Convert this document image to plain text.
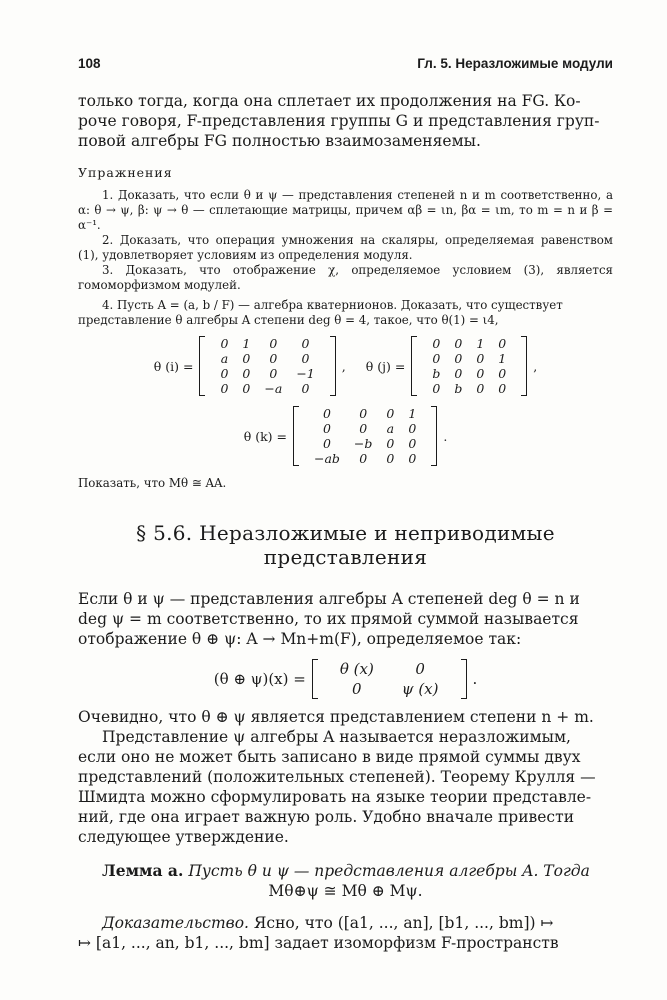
108	Гл. 5. Неразложимые модули

только тогда, когда она сплетает их продолжения на FG. Ко-

роче говоря, F-представления группы G и представления груп-

повой алгебры FG полностью взаимозаменяемы.

Упражнения

1. Доказать, что если θ и ψ — представления степеней n и m соответственно, а α: θ → ψ, β: ψ → θ — сплетающие матрицы, причем αβ = ιn, βα = ιm, то m = n и β = α⁻¹.

2. Доказать, что операция умножения на скаляры, определяемая равенством (1), удовлетворяет условиям из определения модуля.

3. Доказать, что отображение χ, определяемое условием (3), является гомоморфизмом модулей.

4. Пусть A = (a, b / F) — алгебра кватернионов. Доказать, что существует

представление θ алгебры A степени deg θ = 4, такое, что θ(1) = ι4,

θ (i) =
0	1	0	0
a	0	0	0
0	0	0	−1
0	0	−a	0
, θ (j) =
0	0	1	0
0	0	0	1
b	0	0	0
0	b	0	0
,
θ (k) =
0	0	0	1
0	0	a	0
0	−b	0	0
−ab	0	0	0
.

Показать, что Mθ ≅ AA.

§ 5.6. Неразложимые и неприводимые представления

Если θ и ψ — представления алгебры A степеней deg θ = n и

deg ψ = m соответственно, то их прямой суммой называется

отображение θ ⊕ ψ: A → Mn+m(F), определяемое так:

(θ ⊕ ψ)(x) =
θ (x)	0
0	ψ (x)
.

Очевидно, что θ ⊕ ψ является представлением степени n + m.

Представление ψ алгебры A называется неразложимым,

если оно не может быть записано в виде прямой суммы двух

представлений (положительных степеней). Теорему Крулля —

Шмидта можно сформулировать на языке теории представле-

ний, где она играет важную роль. Удобно вначале привести

следующее утверждение.

Лемма а. Пусть θ и ψ — представления алгебры A. Тогда

Mθ⊕ψ ≅ Mθ ⊕ Mψ.

Доказательство. Ясно, что ([a1, ..., an], [b1, ..., bm]) ↦

↦ [a1, ..., an, b1, ..., bm] задает изоморфизм F-пространств
